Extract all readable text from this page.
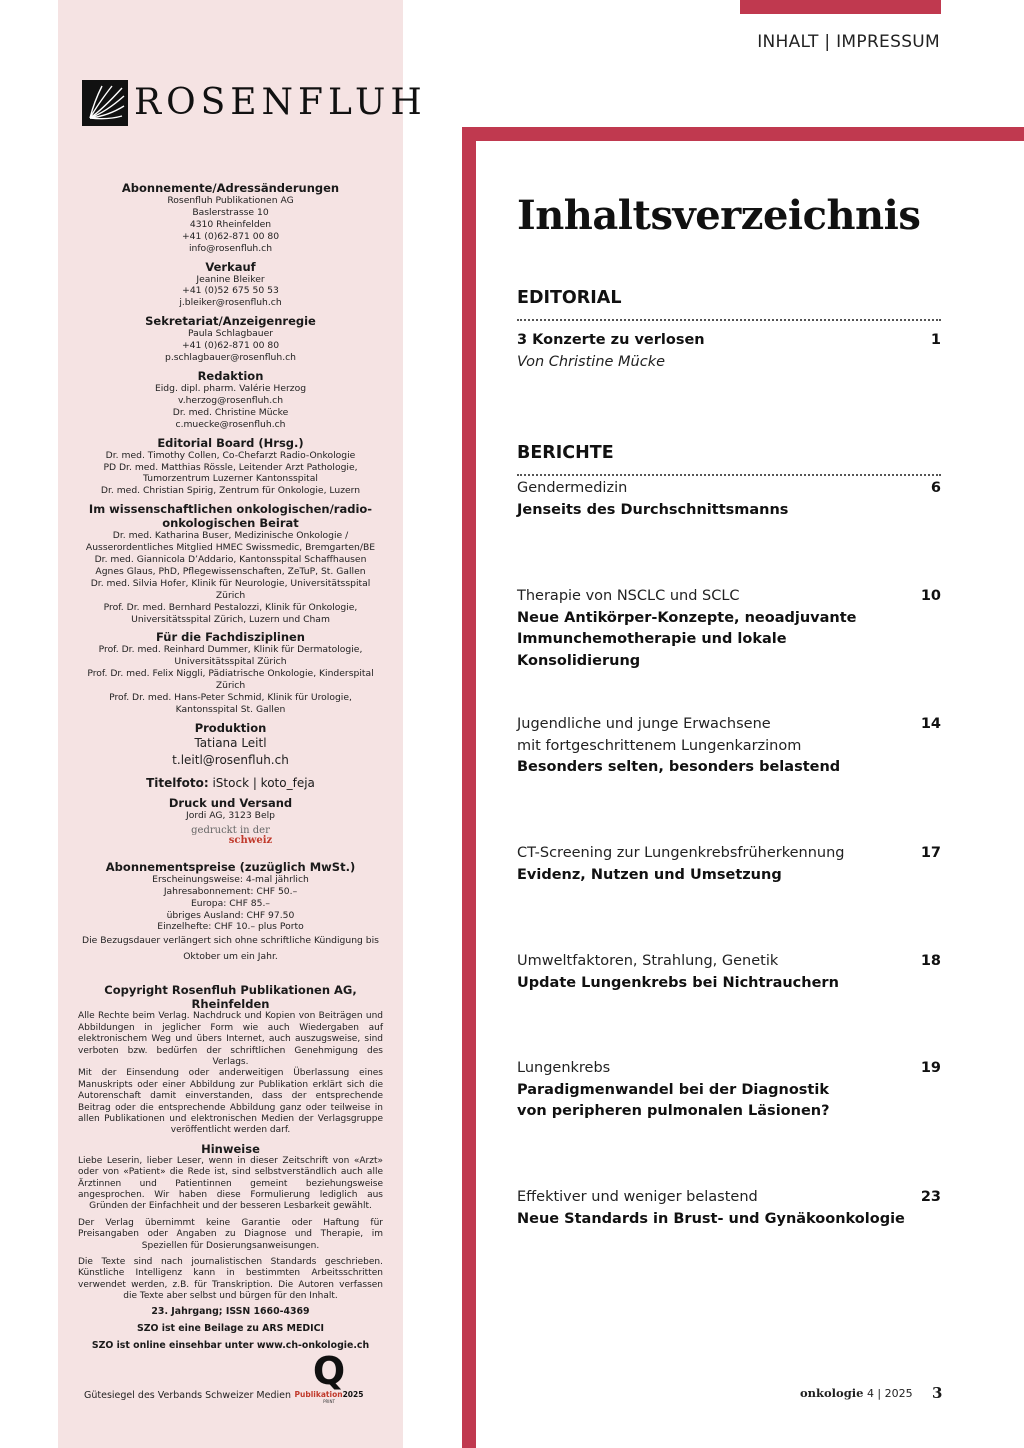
INHALT | IMPRESSUM
ROSENFLUH
Abonnemente/Adressänderungen
Rosenfluh Publikationen AG
Baslerstrasse 10
4310 Rheinfelden
+41 (0)62-871 00 80
info@rosenfluh.ch
Verkauf
Jeanine Bleiker
+41 (0)52 675 50 53
j.bleiker@rosenfluh.ch
Sekretariat/Anzeigenregie
Paula Schlagbauer
+41 (0)62-871 00 80
p.schlagbauer@rosenfluh.ch
Redaktion
Eidg. dipl. pharm. Valérie Herzog
v.herzog@rosenfluh.ch
Dr. med. Christine Mücke
c.muecke@rosenfluh.ch
Editorial Board (Hrsg.)
Dr. med. Timothy Collen, Co-Chefarzt Radio-Onkologie
PD Dr. med. Matthias Rössle, Leitender Arzt Pathologie,
Tumorzentrum Luzerner Kantonsspital
Dr. med. Christian Spirig, Zentrum für Onkologie, Luzern
Im wissenschaftlichen onkologischen/radio-onkologischen Beirat
Dr. med. Katharina Buser, Medizinische Onkologie /
Ausserordentliches Mitglied HMEC Swissmedic, Bremgarten/BE
Dr. med. Giannicola D’Addario, Kantonsspital Schaffhausen
Agnes Glaus, PhD, Pflegewissenschaften, ZeTuP, St. Gallen
Dr. med. Silvia Hofer, Klinik für Neurologie, Universitätsspital Zürich
Prof. Dr. med. Bernhard Pestalozzi, Klinik für Onkologie,
Universitätsspital Zürich, Luzern und Cham
Für die Fachdisziplinen
Prof. Dr. med. Reinhard Dummer, Klinik für Dermatologie,
Universitätsspital Zürich
Prof. Dr. med. Felix Niggli, Pädiatrische Onkologie, Kinderspital Zürich
Prof. Dr. med. Hans-Peter Schmid, Klinik für Urologie,
Kantonsspital St. Gallen
Produktion
Tatiana Leitl
t.leitl@rosenfluh.ch
Titelfoto: iStock | koto_feja
Druck und Versand
Jordi AG, 3123 Belp
gedruckt in der
schweiz
Abonnementspreise (zuzüglich MwSt.)
Erscheinungsweise: 4-mal jährlich
Jahresabonnement: CHF 50.–
Europa: CHF 85.–
übriges Ausland: CHF 97.50
Einzelhefte: CHF 10.– plus Porto
Die Bezugsdauer verlängert sich ohne schriftliche Kündigung bis
Oktober um ein Jahr.
Copyright Rosenfluh Publikationen AG, Rheinfelden
Alle Rechte beim Verlag. Nachdruck und Kopien von Beiträgen und Abbildungen in jeglicher Form wie auch Wiedergaben auf elektronischem Weg und übers Internet, auch auszugsweise, sind verboten bzw. bedürfen der schriftlichen Genehmigung des Verlags.
Mit der Einsendung oder anderweitigen Überlassung eines Manuskripts oder einer Abbildung zur Publikation erklärt sich die Autorenschaft damit einverstanden, dass der entsprechende Beitrag oder die entsprechende Abbildung ganz oder teilweise in allen Publikationen und elektronischen Medien der Verlagsgruppe veröffentlicht werden darf.
Hinweise
Liebe Leserin, lieber Leser, wenn in dieser Zeitschrift von «Arzt» oder von «Patient» die Rede ist, sind selbstverständlich auch alle Ärztinnen und Patientinnen gemeint beziehungsweise angesprochen. Wir haben diese Formulierung lediglich aus Gründen der Einfachheit und der besseren Lesbarkeit gewählt.
Der Verlag übernimmt keine Garantie oder Haftung für Preisangaben oder Angaben zu Diagnose und Therapie, im Speziellen für Dosierungsanweisungen.
Die Texte sind nach journalistischen Standards geschrieben. Künstliche Intelligenz kann in bestimmten Arbeitsschritten verwendet werden, z.B. für Transkription. Die Autoren verfassen die Texte aber selbst und bürgen für den Inhalt.
23. Jahrgang; ISSN 1660-4369
SZO ist eine Beilage zu ARS MEDICI
SZO ist online einsehbar unter www.ch-onkologie.ch
Gütesiegel des Verbands Schweizer Medien
Q
Publikation2025
PRINT
Inhaltsverzeichnis
EDITORIAL
3 Konzerte zu verlosen
Von Christine Mücke
1
BERICHTE
Gendermedizin
Jenseits des Durchschnittsmanns
6
Therapie von NSCLC und SCLC
Neue Antikörper-Konzepte, neoadjuvante
Immunchemotherapie und lokale Konsolidierung
10
Jugendliche und junge Erwachsene
mit fortgeschrittenem Lungenkarzinom
Besonders selten, besonders belastend
14
CT-Screening zur Lungenkrebsfrüherkennung
Evidenz, Nutzen und Umsetzung
17
Umweltfaktoren, Strahlung, Genetik
Update Lungenkrebs bei Nichtrauchern
18
Lungenkrebs
Paradigmenwandel bei der Diagnostik
von peripheren pulmonalen Läsionen?
19
Effektiver und weniger belastend
Neue Standards in Brust- und Gynäkoonkologie
23
onkologie 4 | 2025 3
